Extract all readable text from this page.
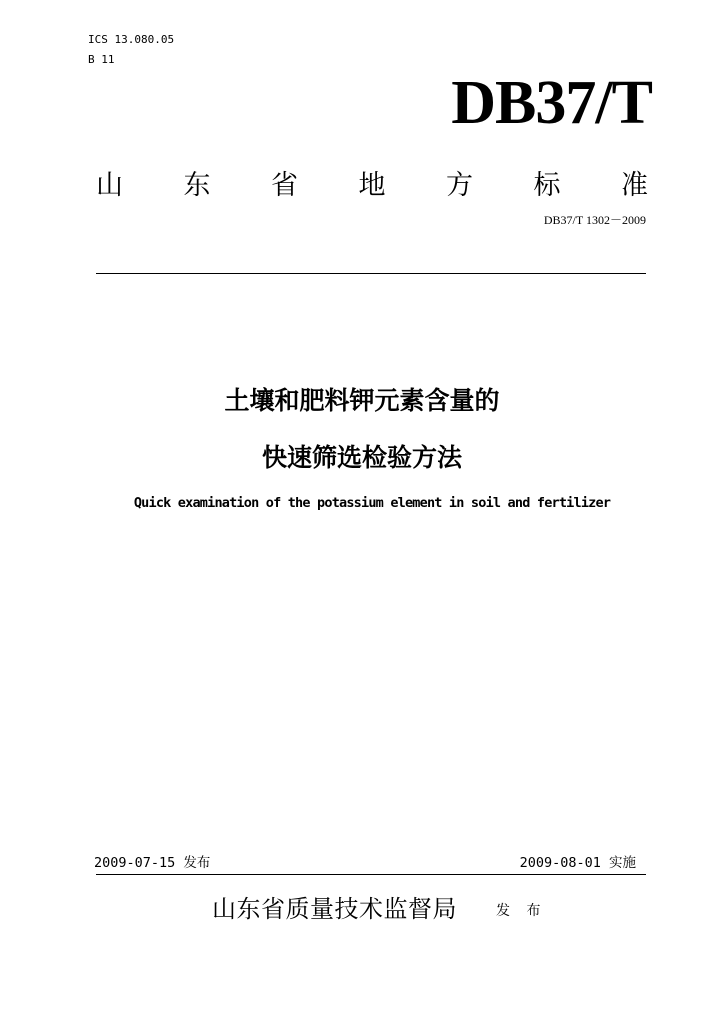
ICS 13.080.05
B 11
DB37/T
山 东 省 地 方 标 准
DB37/T 1302－2009
土壤和肥料钾元素含量的
快速筛选检验方法
Quick examination of the potassium element in soil and fertilizer
2009-07-15 发布	2009-08-01 实施
山东省质量技术监督局	发 布
